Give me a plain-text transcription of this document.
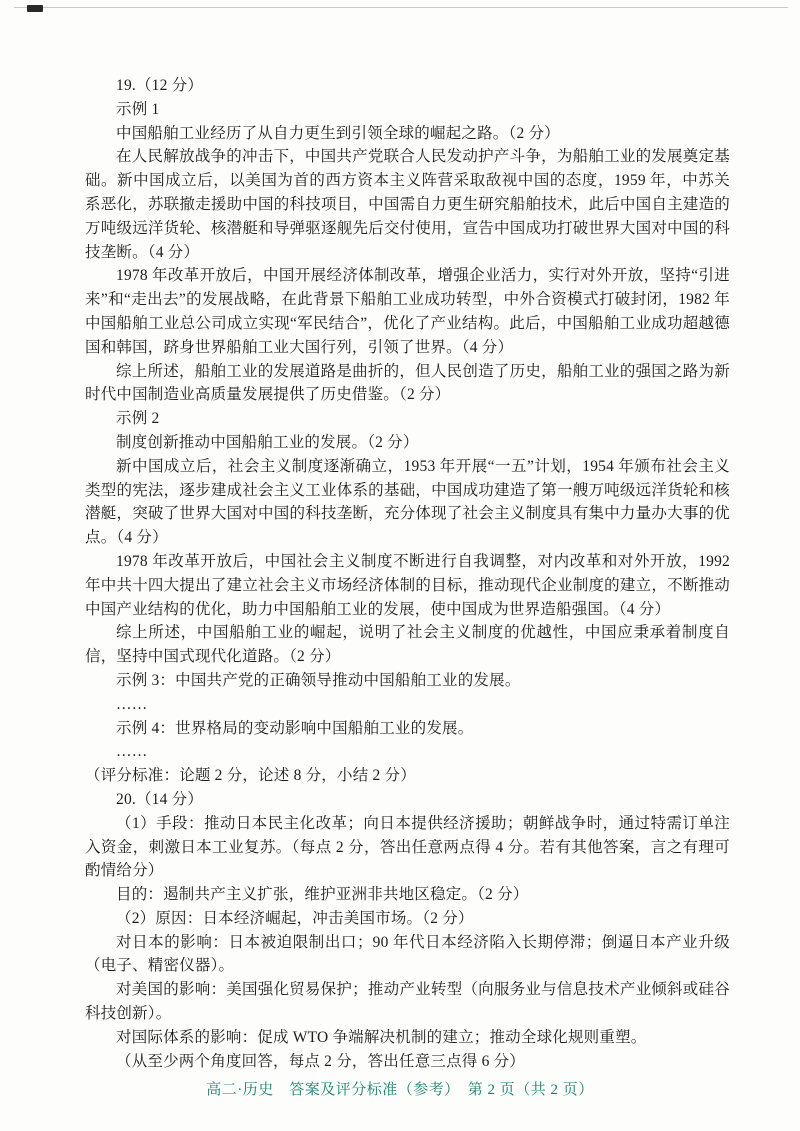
19.（12 分）

示例 1

中国船舶工业经历了从自力更生到引领全球的崛起之路。（2 分）

在人民解放战争的冲击下，中国共产党联合人民发动护产斗争，为船舶工业的发展奠定基础。新中国成立后，以美国为首的西方资本主义阵营采取敌视中国的态度，1959 年，中苏关系恶化，苏联撤走援助中国的科技项目，中国需自力更生研究船舶技术，此后中国自主建造的万吨级远洋货轮、核潜艇和导弹驱逐舰先后交付使用，宣告中国成功打破世界大国对中国的科技垄断。（4 分）

1978 年改革开放后，中国开展经济体制改革，增强企业活力，实行对外开放，坚持“引进来”和“走出去”的发展战略，在此背景下船舶工业成功转型，中外合资模式打破封闭，1982 年中国船舶工业总公司成立实现“军民结合”，优化了产业结构。此后，中国船舶工业成功超越德国和韩国，跻身世界船舶工业大国行列，引领了世界。（4 分）

综上所述，船舶工业的发展道路是曲折的，但人民创造了历史，船舶工业的强国之路为新时代中国制造业高质量发展提供了历史借鉴。（2 分）

示例 2

制度创新推动中国船舶工业的发展。（2 分）

新中国成立后，社会主义制度逐渐确立，1953 年开展“一五”计划，1954 年颁布社会主义类型的宪法，逐步建成社会主义工业体系的基础，中国成功建造了第一艘万吨级远洋货轮和核潜艇，突破了世界大国对中国的科技垄断，充分体现了社会主义制度具有集中力量办大事的优点。（4 分）

1978 年改革开放后，中国社会主义制度不断进行自我调整，对内改革和对外开放，1992 年中共十四大提出了建立社会主义市场经济体制的目标，推动现代企业制度的建立，不断推动中国产业结构的优化，助力中国船舶工业的发展，使中国成为世界造船强国。（4 分）

综上所述，中国船舶工业的崛起，说明了社会主义制度的优越性，中国应秉承着制度自信，坚持中国式现代化道路。（2 分）

示例 3：中国共产党的正确领导推动中国船舶工业的发展。

……

示例 4：世界格局的变动影响中国船舶工业的发展。

……

（评分标准：论题 2 分，论述 8 分，小结 2 分）

20.（14 分）

（1）手段：推动日本民主化改革；向日本提供经济援助；朝鲜战争时，通过特需订单注入资金，刺激日本工业复苏。（每点 2 分，答出任意两点得 4 分。若有其他答案，言之有理可酌情给分）

目的：遏制共产主义扩张，维护亚洲非共地区稳定。（2 分）

（2）原因：日本经济崛起，冲击美国市场。（2 分）

对日本的影响：日本被迫限制出口；90 年代日本经济陷入长期停滞；倒逼日本产业升级（电子、精密仪器）。

对美国的影响：美国强化贸易保护；推动产业转型（向服务业与信息技术产业倾斜或硅谷科技创新）。

对国际体系的影响：促成 WTO 争端解决机制的建立；推动全球化规则重塑。

（从至少两个角度回答，每点 2 分，答出任意三点得 6 分）

高二·历史　答案及评分标准（参考）　第 2 页（共 2 页）
